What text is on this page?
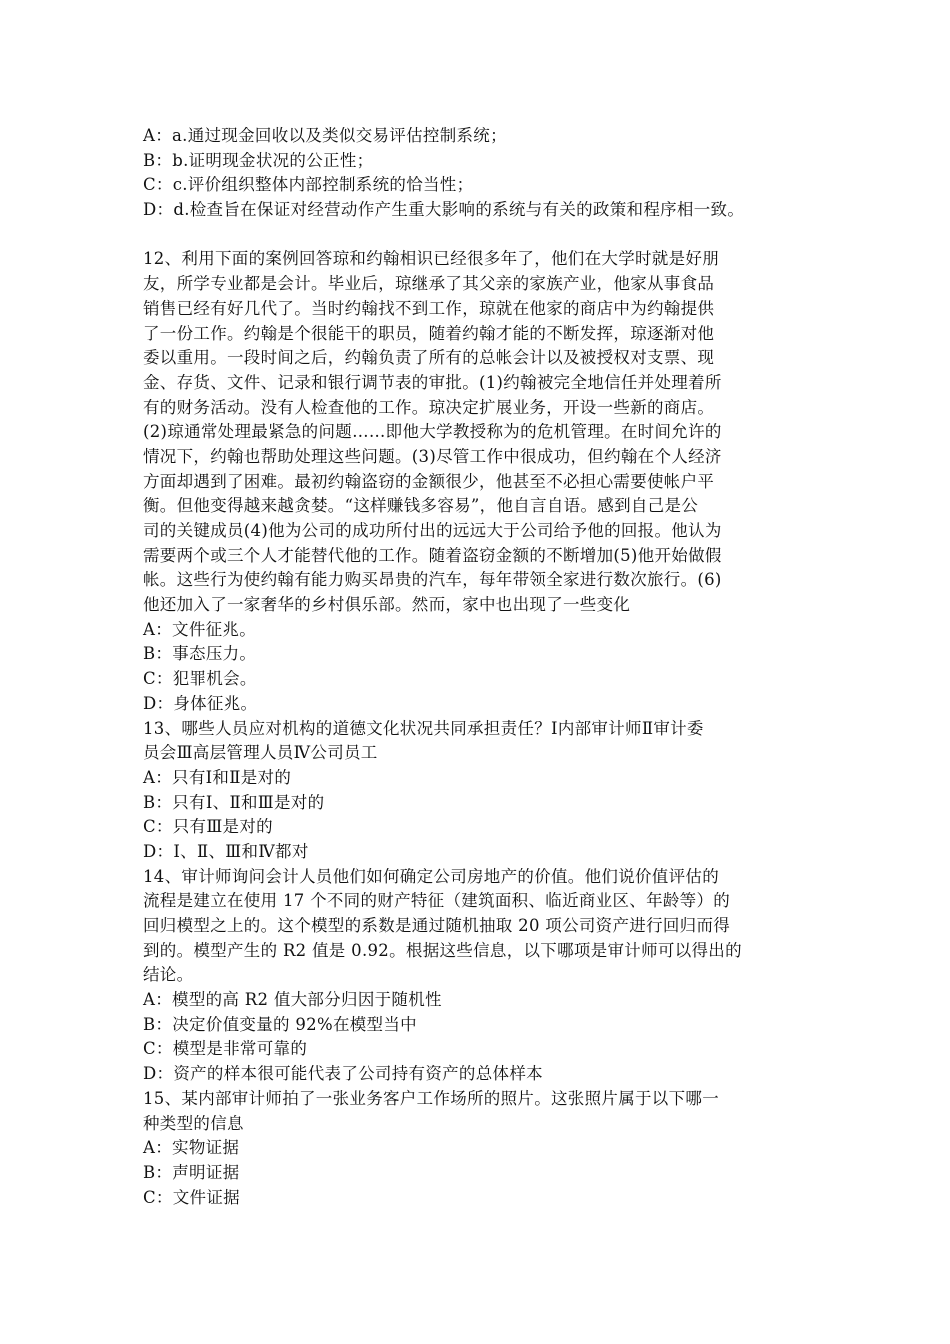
A：a.通过现金回收以及类似交易评估控制系统；
B：b.证明现金状况的公正性；
C：c.评价组织整体内部控制系统的恰当性；
D：d.检查旨在保证对经营动作产生重大影响的系统与有关的政策和程序相一致。
12、利用下面的案例回答琼和约翰相识已经很多年了，他们在大学时就是好朋
友，所学专业都是会计。毕业后，琼继承了其父亲的家族产业，他家从事食品
销售已经有好几代了。当时约翰找不到工作，琼就在他家的商店中为约翰提供
了一份工作。约翰是个很能干的职员，随着约翰才能的不断发挥，琼逐渐对他
委以重用。一段时间之后，约翰负责了所有的总帐会计以及被授权对支票、现
金、存货、文件、记录和银行调节表的审批。(1)约翰被完全地信任并处理着所
有的财务活动。没有人检查他的工作。琼决定扩展业务，开设一些新的商店。
(2)琼通常处理最紧急的问题……即他大学教授称为的危机管理。在时间允许的
情况下，约翰也帮助处理这些问题。(3)尽管工作中很成功，但约翰在个人经济
方面却遇到了困难。最初约翰盗窃的金额很少，他甚至不必担心需要使帐户平
衡。但他变得越来越贪婪。“这样赚钱多容易”，他自言自语。感到自己是公
司的关键成员(4)他为公司的成功所付出的远远大于公司给予他的回报。他认为
需要两个或三个人才能替代他的工作。随着盗窃金额的不断增加(5)他开始做假
帐。这些行为使约翰有能力购买昂贵的汽车，每年带领全家进行数次旅行。(6)
他还加入了一家奢华的乡村俱乐部。然而，家中也出现了一些变化
A：文件征兆。
B：事态压力。
C：犯罪机会。
D：身体征兆。
13、哪些人员应对机构的道德文化状况共同承担责任？Ⅰ内部审计师Ⅱ审计委
员会Ⅲ高层管理人员Ⅳ公司员工
A：只有Ⅰ和Ⅱ是对的
B：只有Ⅰ、Ⅱ和Ⅲ是对的
C：只有Ⅲ是对的
D：Ⅰ、Ⅱ、Ⅲ和Ⅳ都对
14、审计师询问会计人员他们如何确定公司房地产的价值。他们说价值评估的
流程是建立在使用 17 个不同的财产特征（建筑面积、临近商业区、年龄等）的
回归模型之上的。这个模型的系数是通过随机抽取 20 项公司资产进行回归而得
到的。模型产生的 R2 值是 0.92。根据这些信息，以下哪项是审计师可以得出的
结论。
A：模型的高 R2 值大部分归因于随机性
B：决定价值变量的 92%在模型当中
C：模型是非常可靠的
D：资产的样本很可能代表了公司持有资产的总体样本
15、某内部审计师拍了一张业务客户工作场所的照片。这张照片属于以下哪一
种类型的信息
A：实物证据
B：声明证据
C：文件证据
